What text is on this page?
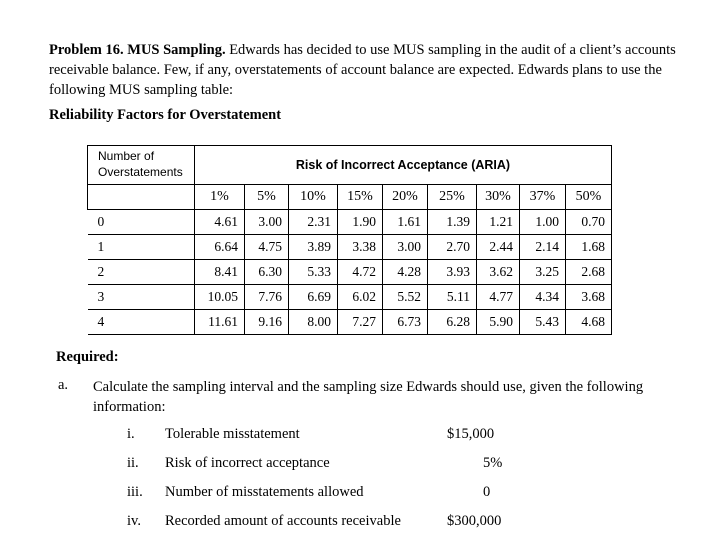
Problem 16. MUS Sampling. Edwards has decided to use MUS sampling in the audit of a client’s accounts receivable balance. Few, if any, overstatements of account balance are expected. Edwards plans to use the following MUS sampling table:

Reliability Factors for Overstatement

Number of
Overstatements	Risk of Incorrect Acceptance (ARIA)								
	1%	5%	10%	15%	20%	25%	30%	37%	50%
0	4.61	3.00	2.31	1.90	1.61	1.39	1.21	1.00	0.70
1	6.64	4.75	3.89	3.38	3.00	2.70	2.44	2.14	1.68
2	8.41	6.30	5.33	4.72	4.28	3.93	3.62	3.25	2.68
3	10.05	7.76	6.69	6.02	5.52	5.11	4.77	4.34	3.68
4	11.61	9.16	8.00	7.27	6.73	6.28	5.90	5.43	4.68

Required:

a. Calculate the sampling interval and the sampling size Edwards should use, given the following information:

i. Tolerable misstatement	$15,000
ii. Risk of incorrect acceptance	5%
iii. Number of misstatements allowed	0
iv. Recorded amount of accounts receivable	$300,000
